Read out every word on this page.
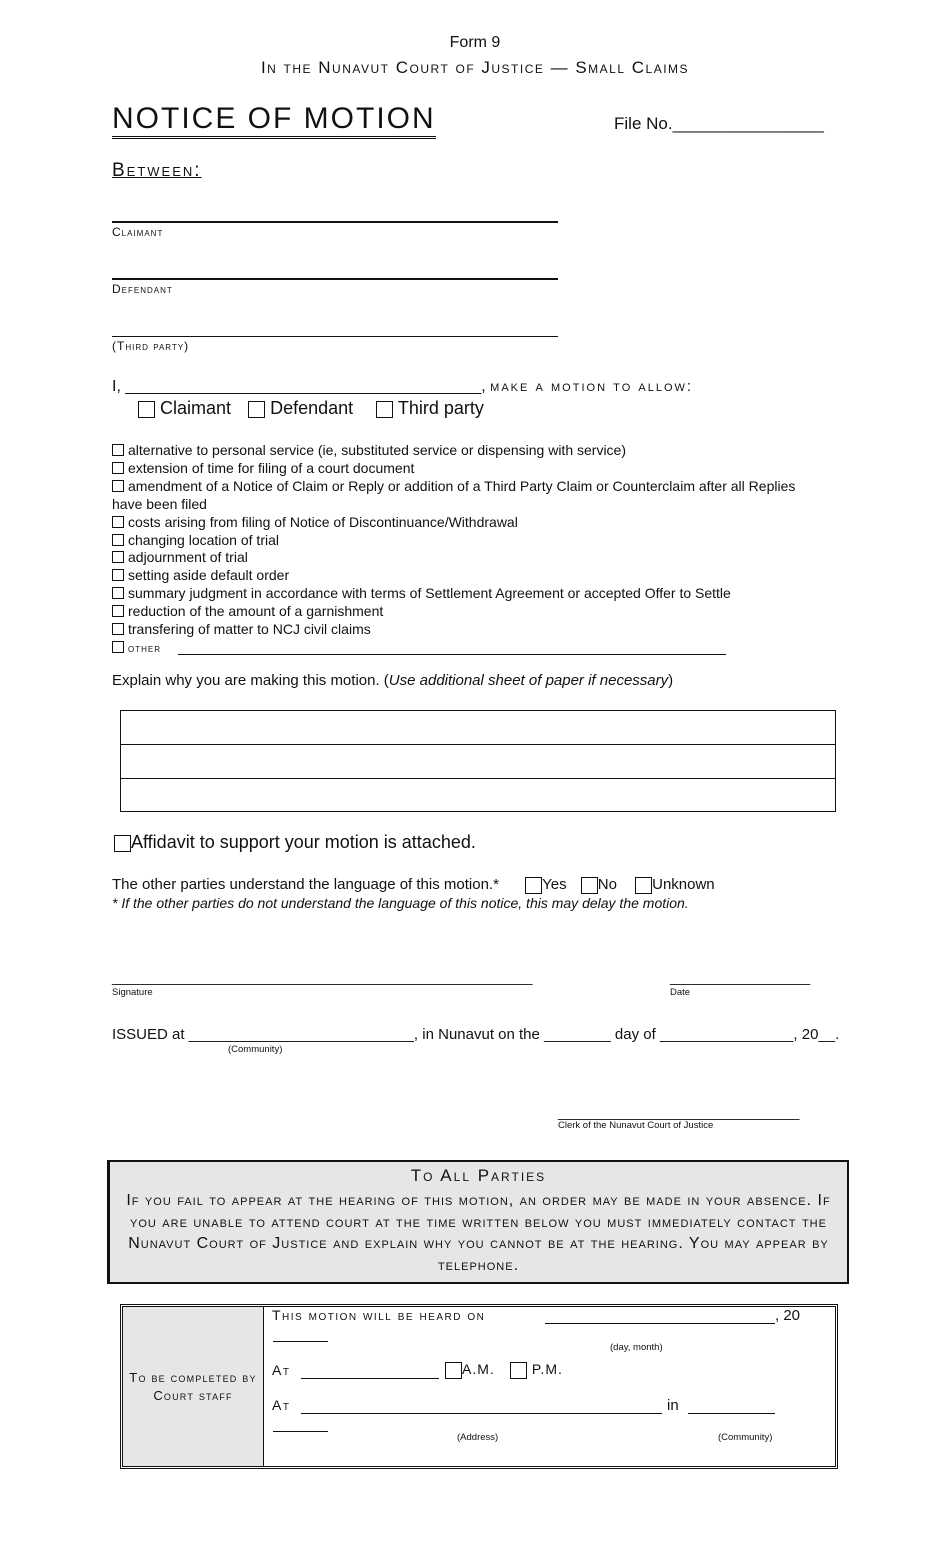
Form 9
In the Nunavut Court of Justice — Small Claims
NOTICE OF MOTION	File No.________________
Between:
Claimant
Defendant
(Third party)
I, ________________________________________, make a motion to allow:
Claimant Defendant Third party
alternative to personal service (ie, substituted service or dispensing with service)
extension of time for filing of a court document
amendment of a Notice of Claim or Reply or addition of a Third Party Claim or Counterclaim after all Replies
have been filed
costs arising from filing of Notice of Discontinuance/Withdrawal
changing location of trial
adjournment of trial
setting aside default order
summary judgment in accordance with terms of Settlement Agreement or accepted Offer to Settle
reduction of the amount of a garnishment
transfering of matter to NCJ civil claims
other
Explain why you are making this motion. (Use additional sheet of paper if necessary)
Affidavit to support your motion is attached.
The other parties understand the language of this motion.*	Yes No Unknown
* If the other parties do not understand the language of this notice, this may delay the motion.
______________________________________________________
Signature
__________________
Date
ISSUED at ___________________________, in Nunavut on the ________ day of ________________, 20__.
(Community)
_______________________________
Clerk of the Nunavut Court of Justice
To All Parties
If you fail to appear at the hearing of this motion, an order may be made in your absence. If you are unable to attend court at the time written below you must immediately contact the Nunavut Court of Justice and explain why you cannot be at the hearing. You may appear by telephone.
To be completed by Court staff
This motion will be heard on	, 20
(day, month)
At	A.M.	P.M.
At	in
(Address)	(Community)
